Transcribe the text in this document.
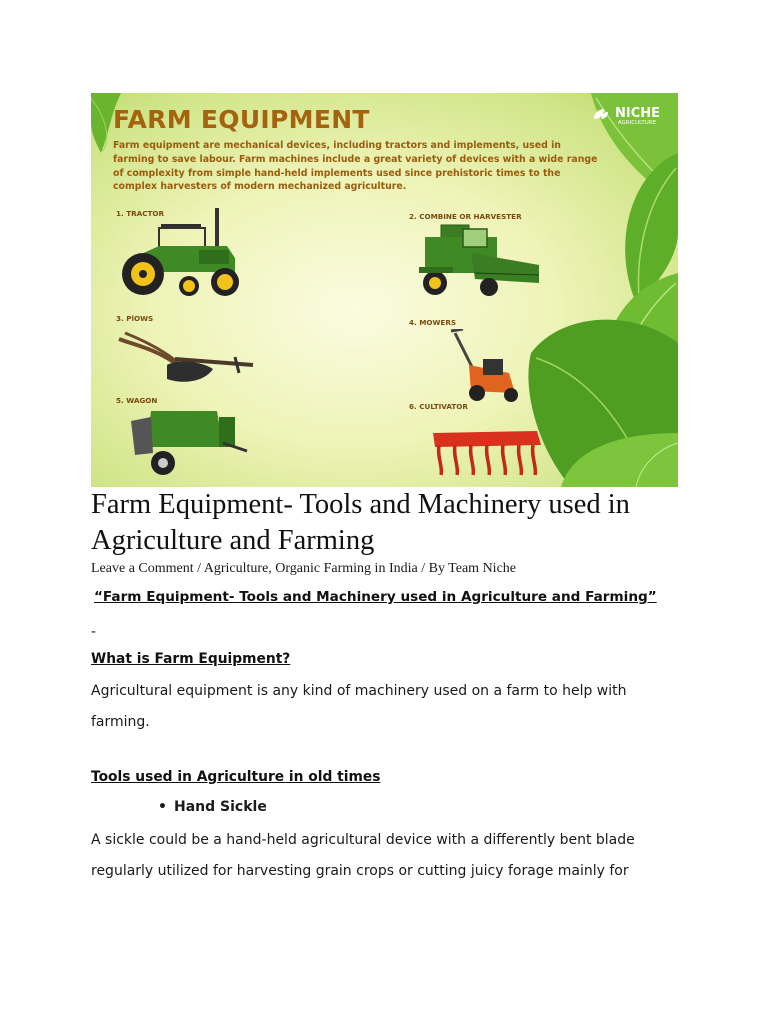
FARM EQUIPMENT
Farm equipment are mechanical devices, including tractors and implements, used in farming to save labour. Farm machines include a great variety of devices with a wide range of complexity from simple hand-held implements used since prehistoric times to the complex harvesters of modern mechanized agriculture.
NICHE
AGRICULTURE
1. TRACTOR	2. COMBINE OR HARVESTER
3. PlOWS	4. MOWERS
5. WAGON
6. CULTIVATOR
Farm Equipment- Tools and Machinery used in Agriculture and Farming
Leave a Comment / Agriculture, Organic Farming in India / By Team Niche
“Farm Equipment- Tools and Machinery used in Agriculture and Farming”
-
What is Farm Equipment?
Agricultural equipment is any kind of machinery used on a farm to help with farming.
Tools used in Agriculture in old times
• Hand Sickle
A sickle could be a hand-held agricultural device with a differently bent blade regularly utilized for harvesting grain crops or cutting juicy forage mainly for
